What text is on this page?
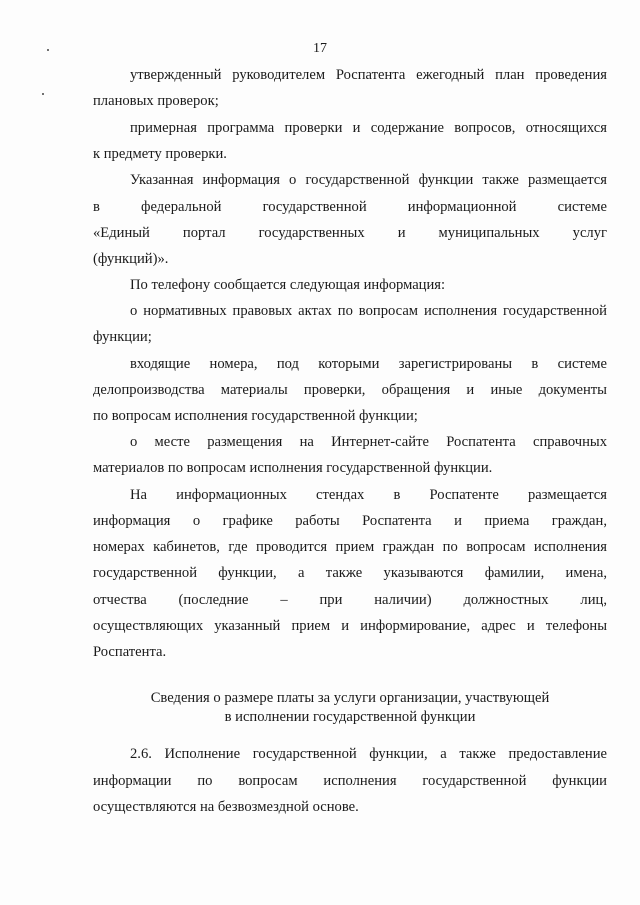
17
утвержденный руководителем Роспатента ежегодный план проведения
плановых проверок;
примерная программа проверки и содержание вопросов, относящихся
к предмету проверки.
Указанная информация о государственной функции также размещается
в федеральной государственной информационной системе
«Единый портал государственных и муниципальных услуг
(функций)».
По телефону сообщается следующая информация:
о нормативных правовых актах по вопросам исполнения государственной
функции;
входящие номера, под которыми зарегистрированы в системе
делопроизводства материалы проверки, обращения и иные документы
по вопросам исполнения государственной функции;
о месте размещения на Интернет-сайте Роспатента справочных
материалов по вопросам исполнения государственной функции.
На информационных стендах в Роспатенте размещается
информация о графике работы Роспатента и приема граждан,
номерах кабинетов, где проводится прием граждан по вопросам исполнения
государственной функции, а также указываются фамилии, имена,
отчества (последние – при наличии) должностных лиц,
осуществляющих указанный прием и информирование, адрес и телефоны
Роспатента.
Сведения о размере платы за услуги организации, участвующей
в исполнении государственной функции
2.6. Исполнение государственной функции, а также предоставление
информации по вопросам исполнения государственной функции
осуществляются на безвозмездной основе.
